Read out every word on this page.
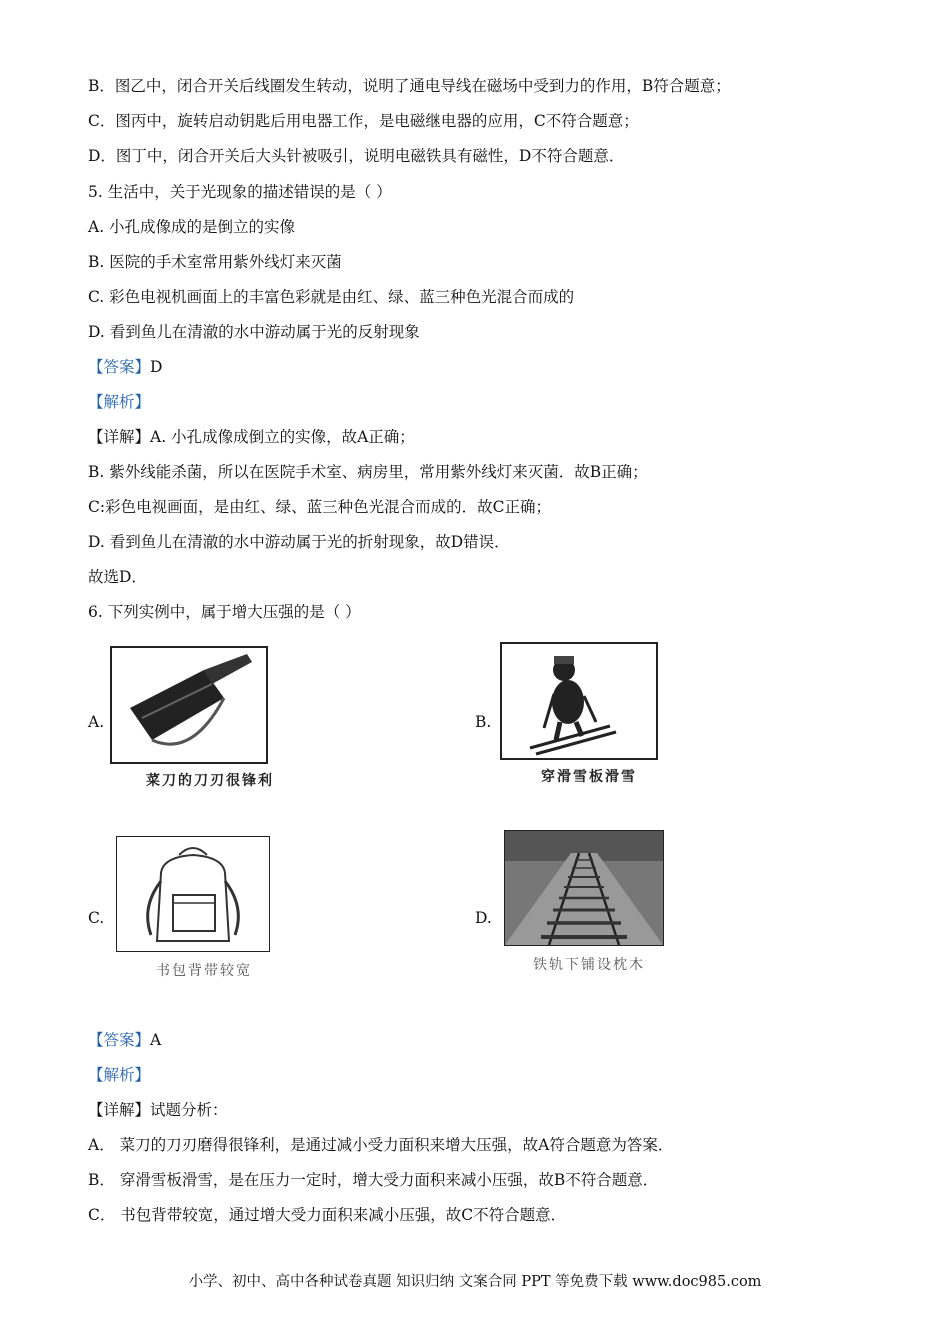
B．图乙中，闭合开关后线圈发生转动，说明了通电导线在磁场中受到力的作用，B符合题意；
C．图丙中，旋转启动钥匙后用电器工作，是电磁继电器的应用，C不符合题意；
D．图丁中，闭合开关后大头针被吸引，说明电磁铁具有磁性，D不符合题意．
5. 生活中，关于光现象的描述错误的是（ ）
A. 小孔成像成的是倒立的实像
B. 医院的手术室常用紫外线灯来灭菌
C. 彩色电视机画面上的丰富色彩就是由红、绿、蓝三种色光混合而成的
D. 看到鱼儿在清澈的水中游动属于光的反射现象
【答案】D
【解析】
【详解】A. 小孔成像成倒立的实像，故A正确；
B. 紫外线能杀菌，所以在医院手术室、病房里，常用紫外线灯来灭菌．故B正确；
C:彩色电视画面，是由红、绿、蓝三种色光混合而成的．故C正确；
D. 看到鱼儿在清澈的水中游动属于光的折射现象，故D错误．
故选D．
6. 下列实例中，属于增大压强的是（ ）
A.
菜刀的刀刃很锋利
B.
穿滑雪板滑雪
C.
书包背带较宽
D.
铁轨下铺设枕木
【答案】A
【解析】
【详解】试题分析：
A． 菜刀的刀刃磨得很锋利，是通过减小受力面积来增大压强，故A符合题意为答案．
B． 穿滑雪板滑雪，是在压力一定时，增大受力面积来减小压强，故B不符合题意．
C． 书包背带较宽，通过增大受力面积来减小压强，故C不符合题意．
小学、初中、高中各种试卷真题 知识归纳 文案合同 PPT 等免费下载 www.doc985.com
